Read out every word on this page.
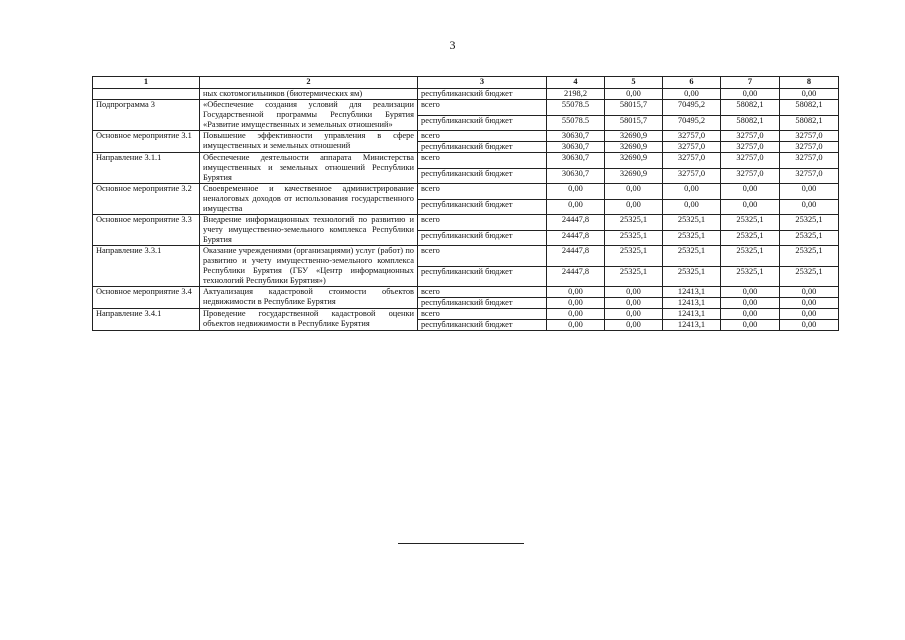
3
1	2	3	4	5	6	7	8
	ных скотомогильников (биотермических ям)	республиканский бюджет	2198,2	0,00	0,00	0,00	0,00
Подпрограмма 3	«Обеспечение создания условий для реализации Государственной программы Республики Бурятия «Развитие имущественных и земельных отношений»	всего	55078.5	58015,7	70495,2	58082,1	58082,1
		республиканский бюджет	55078.5	58015,7	70495,2	58082,1	58082,1
Основное мероприятие 3.1	Повышение эффективности управления в сфере имущественных и земельных отношений	всего	30630,7	32690,9	32757,0	32757,0	32757,0
		республиканский бюджет	30630,7	32690,9	32757,0	32757,0	32757,0
Направление 3.1.1	Обеспечение деятельности аппарата Министерства имущественных и земельных отношений Республики Бурятия	всего	30630,7	32690,9	32757,0	32757,0	32757,0
		республиканский бюджет	30630,7	32690,9	32757,0	32757,0	32757,0
Основное мероприятие 3.2	Своевременное и качественное администрирование неналоговых доходов от использования государственного имущества	всего	0,00	0,00	0,00	0,00	0,00
		республиканский бюджет	0,00	0,00	0,00	0,00	0,00
Основное мероприятие 3.3	Внедрение информационных технологий по развитию и учету имущественно-земельного комплекса Республики Бурятия	всего	24447,8	25325,1	25325,1	25325,1	25325,1
		республиканский бюджет	24447,8	25325,1	25325,1	25325,1	25325,1
Направление 3.3.1	Оказание учреждениями (организациями) услуг (работ) по развитию и учету имущественно-земельного комплекса Республики Бурятия (ГБУ «Центр информационных технологий Республики Бурятия»)	всего	24447,8	25325,1	25325,1	25325,1	25325,1
		республиканский бюджет	24447,8	25325,1	25325,1	25325,1	25325,1
Основное мероприятие 3.4	Актуализация кадастровой стоимости объектов недвижимости в Республике Бурятия	всего	0,00	0,00	12413,1	0,00	0,00
		республиканский бюджет	0,00	0,00	12413,1	0,00	0,00
Направление 3.4.1	Проведение государственной кадастровой оценки объектов недвижимости в Республике Бурятия	всего	0,00	0,00	12413,1	0,00	0,00
		республиканский бюджет	0,00	0,00	12413,1	0,00	0,00
